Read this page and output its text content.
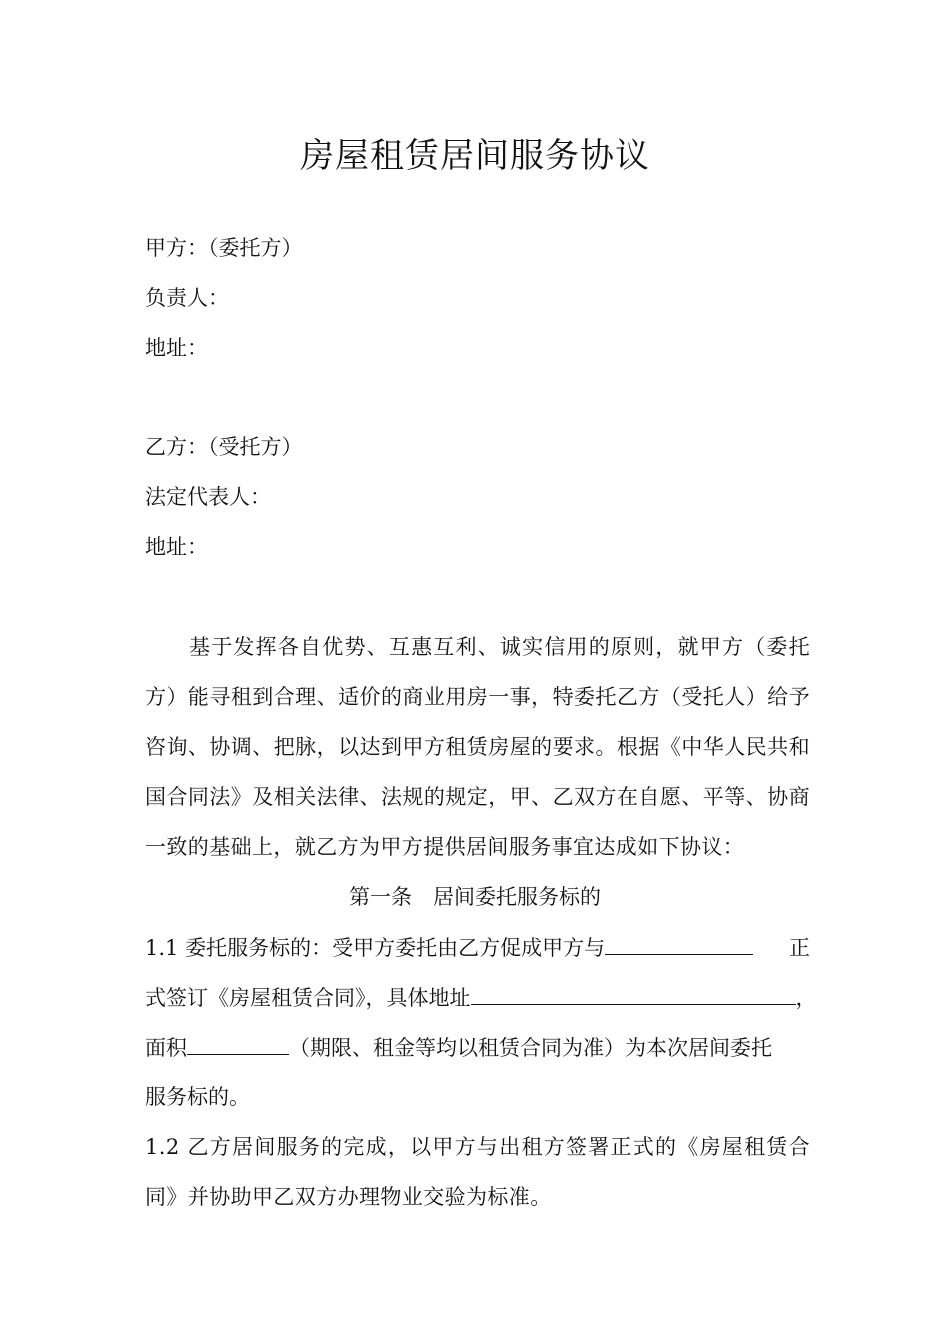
房屋租赁居间服务协议
甲方：（委托方）
负责人：
地址：
乙方：（受托方）
法定代表人：
地址：
基于发挥各自优势、互惠互利、诚实信用的原则，就甲方（委托方）能寻租到合理、适价的商业用房一事，特委托乙方（受托人）给予咨询、协调、把脉，以达到甲方租赁房屋的要求。根据《中华人民共和国合同法》及相关法律、法规的规定，甲、乙双方在自愿、平等、协商一致的基础上，就乙方为甲方提供居间服务事宜达成如下协议：
第一条　居间委托服务标的
1.1 委托服务标的：受甲方委托由乙方促成甲方与	正
式签订《房屋租赁合同》，具体地址	，
面积	（期限、租金等均以租赁合同为准）为本次居间委托
服务标的。
1.2 乙方居间服务的完成，以甲方与出租方签署正式的《房屋租赁合同》并协助甲乙双方办理物业交验为标准。
